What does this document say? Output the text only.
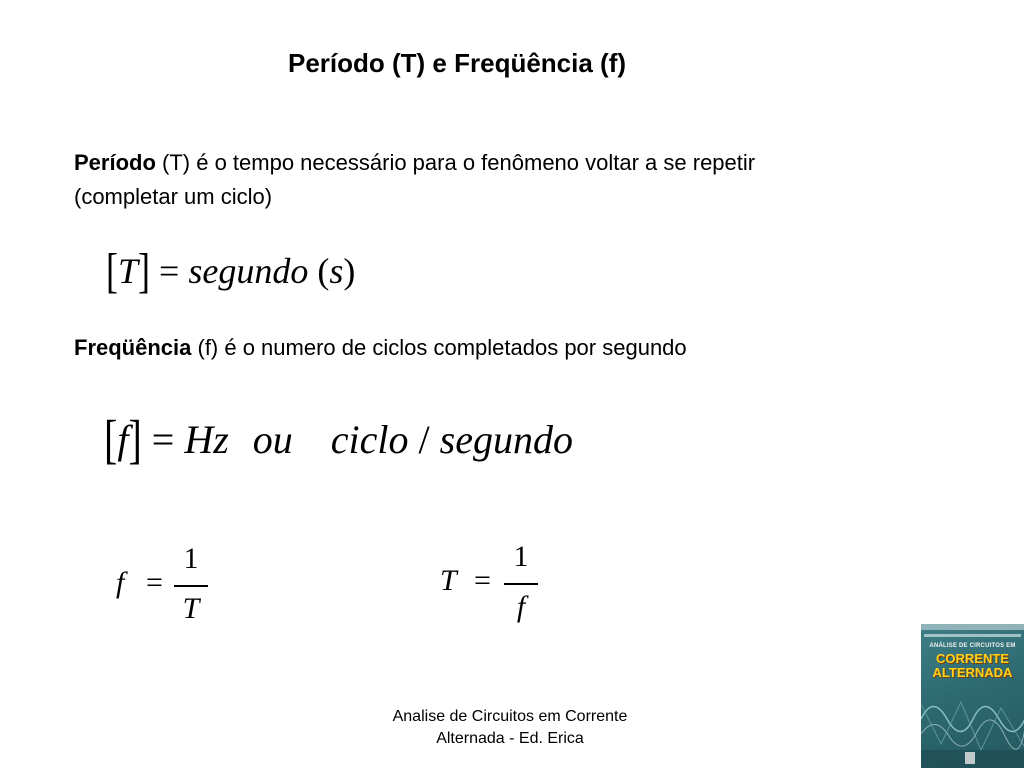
Período (T) e Freqüência (f)
Período (T) é o tempo necessário para o fenômeno voltar a se repetir
(completar um ciclo)
[T] = segundo (s)
Freqüência (f) é o numero de ciclos completados por segundo
[f] = Hz ou ciclo / segundo
f =
1
T
T =
1
f
Analise de Circuitos em Corrente
Alternada - Ed. Erica
ANÁLISE DE CIRCUITOS EM
CORRENTE
ALTERNADA
